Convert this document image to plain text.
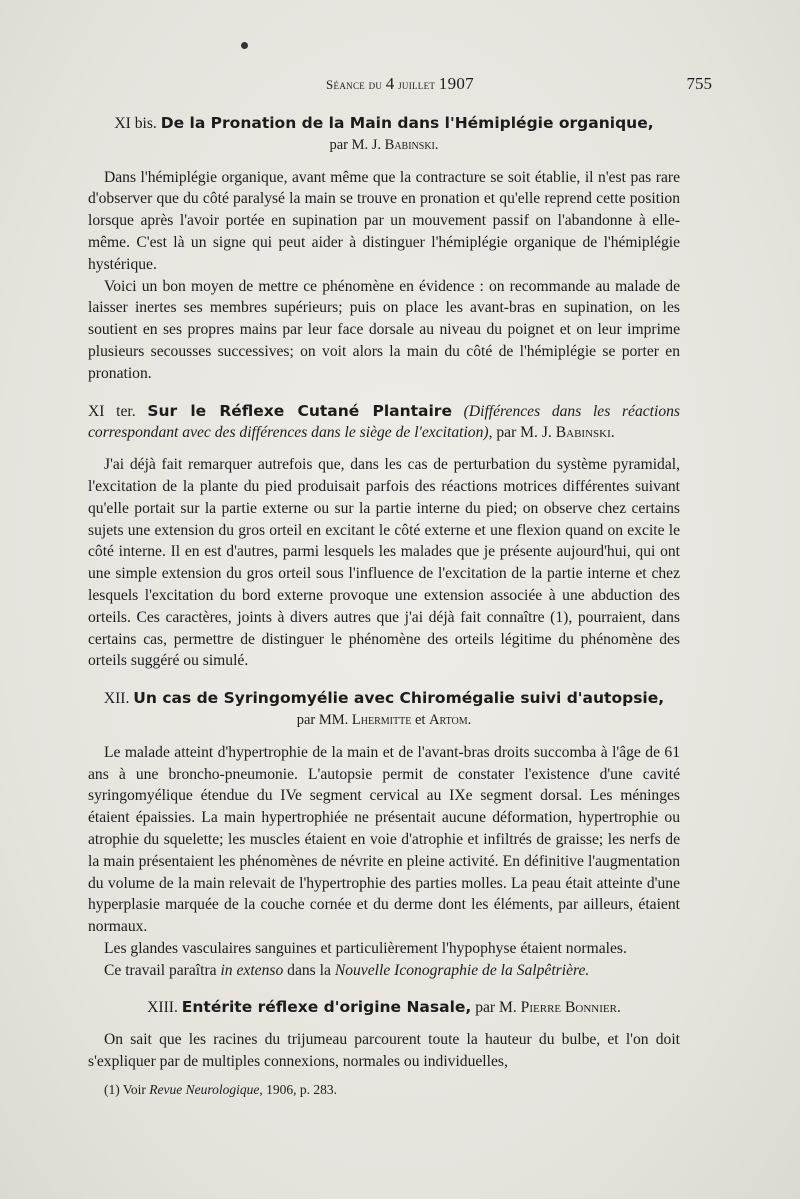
Séance du 4 juillet 1907	755

XI bis. De la Pronation de la Main dans l'Hémiplégie organique,

par M. J. Babinski.

Dans l'hémiplégie organique, avant même que la contracture se soit établie, il n'est pas rare d'observer que du côté paralysé la main se trouve en pronation et qu'elle reprend cette position lorsque après l'avoir portée en supination par un mouvement passif on l'abandonne à elle-même. C'est là un signe qui peut aider à distinguer l'hémiplégie organique de l'hémiplégie hystérique.

Voici un bon moyen de mettre ce phénomène en évidence : on recommande au malade de laisser inertes ses membres supérieurs; puis on place les avant-bras en supination, on les soutient en ses propres mains par leur face dorsale au niveau du poignet et on leur imprime plusieurs secousses successives; on voit alors la main du côté de l'hémiplégie se porter en pronation.

XI ter. Sur le Réflexe Cutané Plantaire (Différences dans les réactions correspondant avec des différences dans le siège de l'excitation), par M. J. Babinski.

J'ai déjà fait remarquer autrefois que, dans les cas de perturbation du système pyramidal, l'excitation de la plante du pied produisait parfois des réactions motrices différentes suivant qu'elle portait sur la partie externe ou sur la partie interne du pied; on observe chez certains sujets une extension du gros orteil en excitant le côté externe et une flexion quand on excite le côté interne. Il en est d'autres, parmi lesquels les malades que je présente aujourd'hui, qui ont une simple extension du gros orteil sous l'influence de l'excitation de la partie interne et chez lesquels l'excitation du bord externe provoque une extension associée à une abduction des orteils. Ces caractères, joints à divers autres que j'ai déjà fait connaître (1), pourraient, dans certains cas, permettre de distinguer le phénomène des orteils légitime du phénomène des orteils suggéré ou simulé.

XII. Un cas de Syringomyélie avec Chiromégalie suivi d'autopsie,

par MM. Lhermitte et Artom.

Le malade atteint d'hypertrophie de la main et de l'avant-bras droits succomba à l'âge de 61 ans à une broncho-pneumonie. L'autopsie permit de constater l'existence d'une cavité syringomyélique étendue du IVe segment cervical au IXe segment dorsal. Les méninges étaient épaissies. La main hypertrophiée ne présentait aucune déformation, hypertrophie ou atrophie du squelette; les muscles étaient en voie d'atrophie et infiltrés de graisse; les nerfs de la main présentaient les phénomènes de névrite en pleine activité. En définitive l'augmentation du volume de la main relevait de l'hypertrophie des parties molles. La peau était atteinte d'une hyperplasie marquée de la couche cornée et du derme dont les éléments, par ailleurs, étaient normaux.

Les glandes vasculaires sanguines et particulièrement l'hypophyse étaient normales.

Ce travail paraîtra in extenso dans la Nouvelle Iconographie de la Salpêtrière.

XIII. Entérite réflexe d'origine Nasale, par M. Pierre Bonnier.

On sait que les racines du trijumeau parcourent toute la hauteur du bulbe, et l'on doit s'expliquer par de multiples connexions, normales ou individuelles,

(1) Voir Revue Neurologique, 1906, p. 283.
